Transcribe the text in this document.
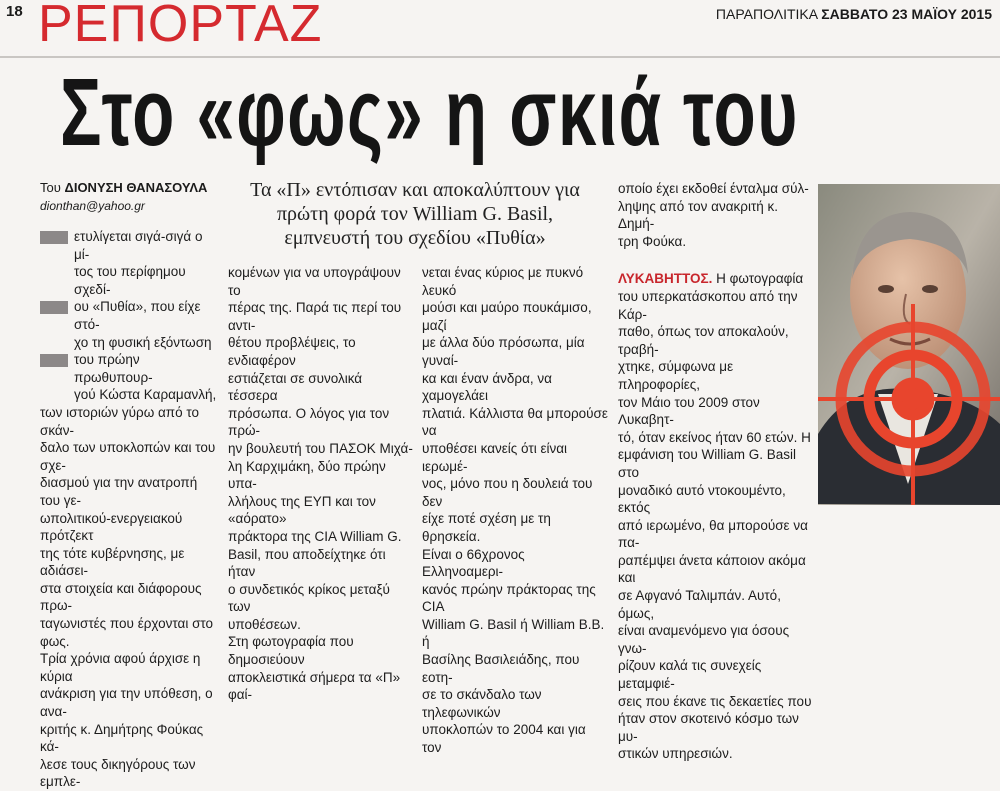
18 ΡΕΠΟΡΤΑΖ	ΠΑΡΑΠΟΛΙΤΙΚΑ ΣΑΒΒΑΤΟ 23 ΜΑΪΟΥ 2015
Στο «φως» η σκιά του
Του ΔΙΟΝΥΣΗ ΘΑΝΑΣΟΥΛΑ
dionthan@yahoo.gr
Τα «Π» εντόπισαν και αποκαλύπτουν για πρώτη φορά τον William G. Basil, εμπνευστή του σχεδίου «Πυθία»

ετυλίγεται σιγά-σιγά ο μί-

τος του περίφημου σχεδί-

ου «Πυθία», που είχε στό-

χο τη φυσική εξόντωση

του πρώην πρωθυπουρ-

γού Κώστα Καραμανλή,

των ιστοριών γύρω από το σκάν-

δαλο των υποκλοπών και του σχε-

διασμού για την ανατροπή του γε-

ωπολιτικού-ενεργειακού πρότζεκτ

της τότε κυβέρνησης, με αδιάσει-

στα στοιχεία και διάφορους πρω-

ταγωνιστές που έρχονται στο φως.

Τρία χρόνια αφού άρχισε η κύρια

ανάκριση για την υπόθεση, ο ανα-

κριτής κ. Δημήτρης Φούκας κά-

λεσε τους δικηγόρους των εμπλε-

κομένων για να υπογράψουν το

πέρας της. Παρά τις περί του αντι-

θέτου προβλέψεις, το ενδιαφέρον

εστιάζεται σε συνολικά τέσσερα

πρόσωπα. Ο λόγος για τον πρώ-

ην βουλευτή του ΠΑΣΟΚ Μιχά-

λη Καρχιμάκη, δύο πρώην υπα-

λλήλους της ΕΥΠ και τον «αόρατο»

πράκτορα της CIA William G.

Basil, που αποδείχτηκε ότι ήταν

ο συνδετικός κρίκος μεταξύ των

υποθέσεων.

Στη φωτογραφία που δημοσιεύουν

αποκλειστικά σήμερα τα «Π» φαί-

νεται ένας κύριος με πυκνό λευκό

μούσι και μαύρο πουκάμισο, μαζί

με άλλα δύο πρόσωπα, μία γυναί-

κα και έναν άνδρα, να χαμογελάει

πλατιά. Κάλλιστα θα μπορούσε να

υποθέσει κανείς ότι είναι ιερωμέ-

νος, μόνο που η δουλειά του δεν

είχε ποτέ σχέση με τη θρησκεία.

Είναι ο 66χρονος Ελληνοαμερι-

κανός πρώην πράκτορας της CIA

William G. Basil ή William B.B. ή

Βασίλης Βασιλειάδης, που εοτη-

σε το σκάνδαλο των τηλεφωνικών

υποκλοπών το 2004 και για τον

οποίο έχει εκδοθεί ένταλμα σύλ-

ληψης από τον ανακριτή κ. Δημή-

τρη Φούκα.

ΛΥΚΑΒΗΤΤΟΣ. Η φωτογραφία

του υπερκατάσκοπου από την Κάρ-

παθο, όπως τον αποκαλούν, τραβή-

χτηκε, σύμφωνα με πληροφορίες,

τον Μάιο του 2009 στον Λυκαβητ-

τό, όταν εκείνος ήταν 60 ετών. Η

εμφάνιση του William G. Basil στο

μοναδικό αυτό ντοκουμέντο, εκτός

από ιερωμένο, θα μπορούσε να πα-

ραπέμψει άνετα κάποιον ακόμα και

σε Αφγανό Ταλιμπάν. Αυτό, όμως,

είναι αναμενόμενο για όσους γνω-

ρίζουν καλά τις συνεχείς μεταμφιέ-

σεις που έκανε τις δεκαετίες που

ήταν στον σκοτεινό κόσμο των μυ-

στικών υπηρεσιών.
